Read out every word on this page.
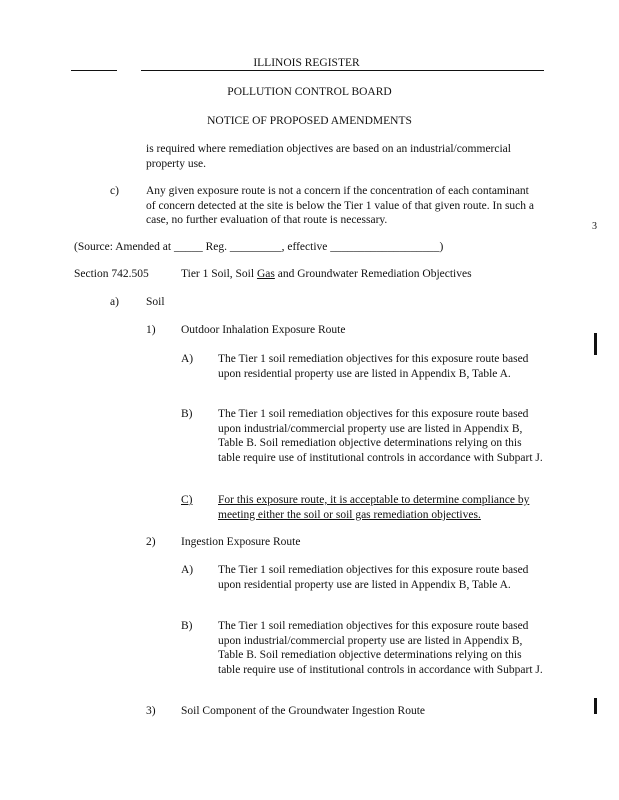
ILLINOIS REGISTER
POLLUTION CONTROL BOARD
NOTICE OF PROPOSED AMENDMENTS
is required where remediation objectives are based on an industrial/commercial property use.
c) Any given exposure route is not a concern if the concentration of each contaminant of concern detected at the site is below the Tier 1 value of that given route. In such a case, no further evaluation of that route is necessary.
3
(Source: Amended at _____ Reg. _________, effective ___________________)
Section 742.505	Tier 1 Soil, Soil Gas and Groundwater Remediation Objectives
a) Soil
1) Outdoor Inhalation Exposure Route
A) The Tier 1 soil remediation objectives for this exposure route based upon residential property use are listed in Appendix B, Table A.
B) The Tier 1 soil remediation objectives for this exposure route based upon industrial/commercial property use are listed in Appendix B, Table B. Soil remediation objective determinations relying on this table require use of institutional controls in accordance with Subpart J.
C) For this exposure route, it is acceptable to determine compliance by meeting either the soil or soil gas remediation objectives.
2) Ingestion Exposure Route
A) The Tier 1 soil remediation objectives for this exposure route based upon residential property use are listed in Appendix B, Table A.
B) The Tier 1 soil remediation objectives for this exposure route based upon industrial/commercial property use are listed in Appendix B, Table B. Soil remediation objective determinations relying on this table require use of institutional controls in accordance with Subpart J.
3) Soil Component of the Groundwater Ingestion Route
